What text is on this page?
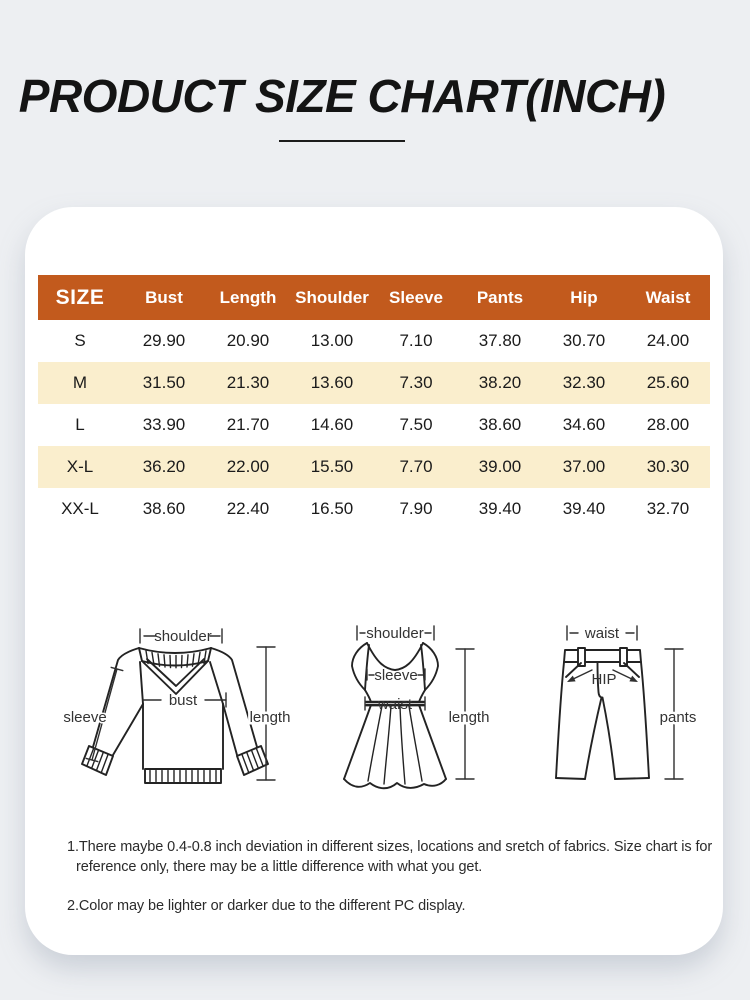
PRODUCT SIZE CHART(INCH)
SIZE	Bust	Length	Shoulder	Sleeve	Pants	Hip	Waist
S	29.90	20.90	13.00	7.10	37.80	30.70	24.00
M	31.50	21.30	13.60	7.30	38.20	32.30	25.60
L	33.90	21.70	14.60	7.50	38.60	34.60	28.00
X-L	36.20	22.00	15.50	7.70	39.00	37.00	30.30
XX-L	38.60	22.40	16.50	7.90	39.40	39.40	32.70
shoulder
bust
sleeve	length
shoulder
sleeve
waist
length
waist
HIP
pants
1.There maybe 0.4-0.8 inch deviation in different sizes, locations and sretch of fabrics. Size chart is for reference only, there may be a little difference with what you get.
2.Color may be lighter or darker due to the different PC display.
